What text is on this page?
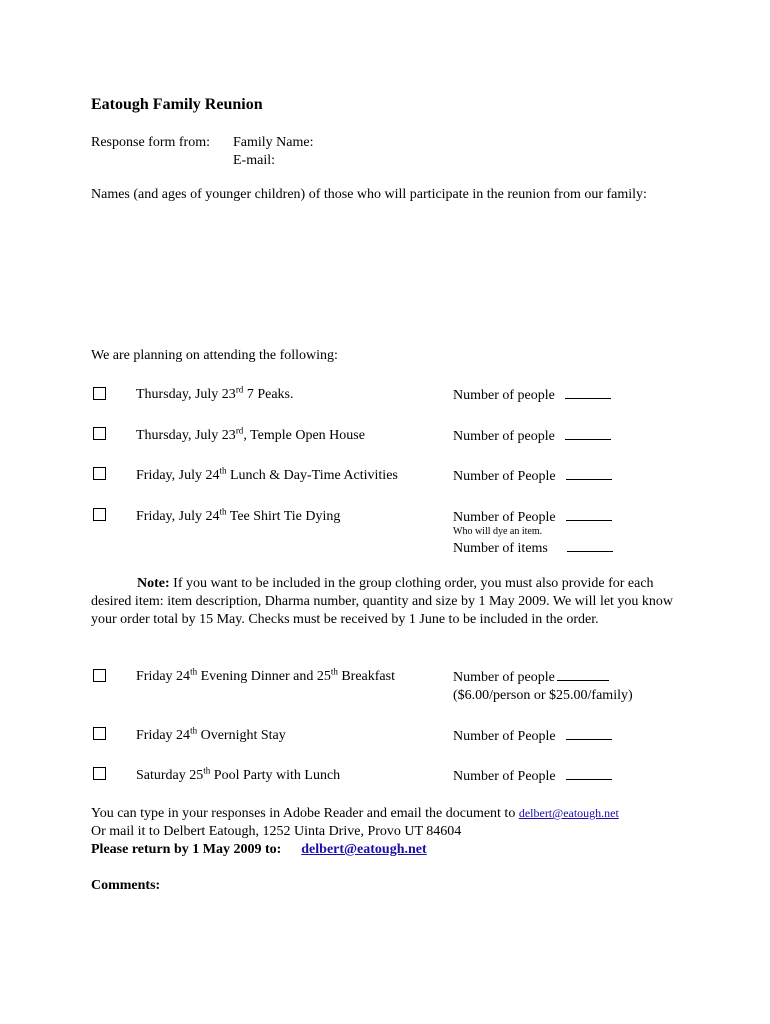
Eatough Family Reunion
Response form from: Family Name:
E-mail:
Names (and ages of younger children) of those who will participate in the reunion from our family:
We are planning on attending the following:
Thursday, July 23rd 7 Peaks.	Number of people
Thursday, July 23rd, Temple Open House	Number of people
Friday, July 24th Lunch & Day-Time Activities	Number of People
Friday, July 24th Tee Shirt Tie Dying	Number of People
Who will dye an item.
Number of items
Note: If you want to be included in the group clothing order, you must also provide for each desired item: item description, Dharma number, quantity and size by 1 May 2009. We will let you know your order total by 15 May. Checks must be received by 1 June to be included in the order.
Friday 24th Evening Dinner and 25th Breakfast	Number of people
($6.00/person or $25.00/family)
Friday 24th Overnight Stay	Number of People
Saturday 25th Pool Party with Lunch	Number of People
You can type in your responses in Adobe Reader and email the document to delbert@eatough.net
Or mail it to Delbert Eatough, 1252 Uinta Drive, Provo UT 84604
Please return by 1 May 2009 to: delbert@eatough.net
Comments:
